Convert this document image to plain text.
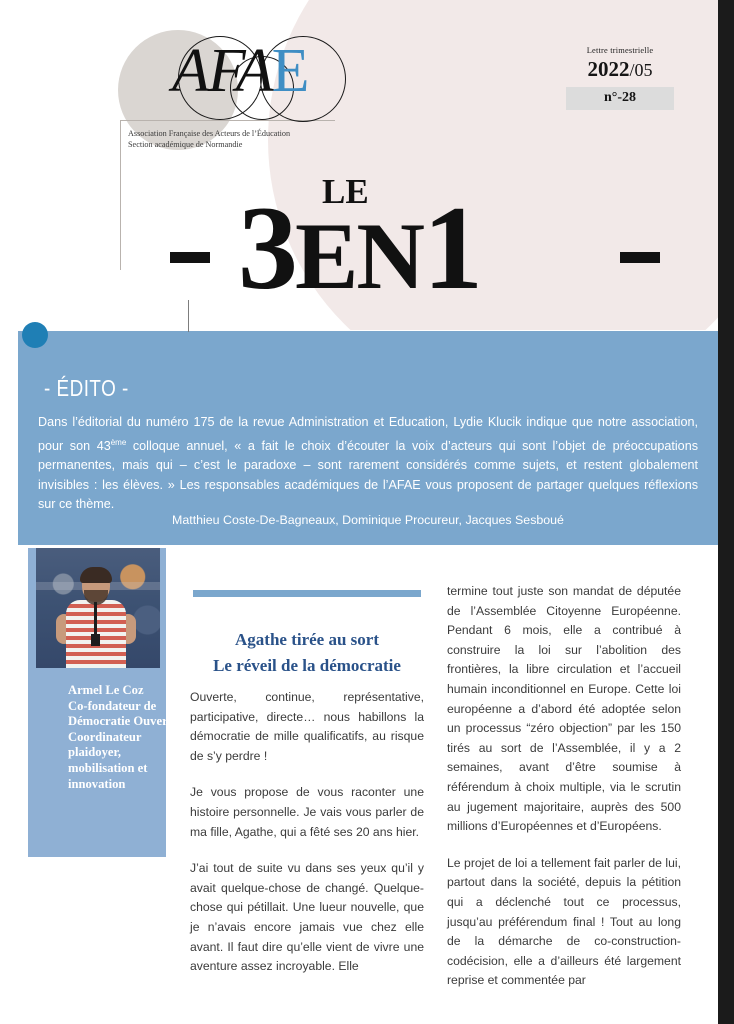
AFAE
Association Française des Acteurs de l’Éducation
Section académique de Normandie
Lettre trimestrielle
2022/05
n°-28
LE
3EN1
- ÉDITO -
Dans l’éditorial du numéro 175 de la revue Administration et Education, Lydie Klucik indique que notre association, pour son 43ème colloque annuel, « a fait le choix d’écouter la voix d’acteurs qui sont l’objet de préoccupations permanentes, mais qui – c’est le paradoxe – sont rarement considérés comme sujets, et restent globalement invisibles : les élèves. » Les responsables académiques de l’AFAE vous proposent de partager quelques réflexions sur ce thème.
Matthieu Coste-De-Bagneaux, Dominique Procureur, Jacques Sesboué
Armel Le Coz
Co-fondateur de Démocratie Ouverte Coordinateur plaidoyer, mobilisation et innovation
Agathe tirée au sort
Le réveil de la démocratie

Ouverte, continue, représentative, participative, directe… nous habillons la démocratie de mille qualificatifs, au risque de s’y perdre !

Je vous propose de vous raconter une histoire personnelle. Je vais vous parler de ma fille, Agathe, qui a fêté ses 20 ans hier.

J’ai tout de suite vu dans ses yeux qu’il y avait quelque-chose de changé. Quelque-chose qui pétillait. Une lueur nouvelle, que je n’avais encore jamais vue chez elle avant. Il faut dire qu’elle vient de vivre une aventure assez incroyable. Elle

termine tout juste son mandat de députée de l’Assemblée Citoyenne Européenne. Pendant 6 mois, elle a contribué à construire la loi sur l’abolition des frontières, la libre circulation et l’accueil humain inconditionnel en Europe. Cette loi européenne a d’abord été adoptée selon un processus “zéro objection” par les 150 tirés au sort de l’Assemblée, il y a 2 semaines, avant d’être soumise à référendum à choix multiple, via le scrutin au jugement majoritaire, auprès des 500 millions d’Européennes et d’Européens.

Le projet de loi a tellement fait parler de lui, partout dans la société, depuis la pétition qui a déclenché tout ce processus, jusqu’au préférendum final ! Tout au long de la démarche de co-construction-codécision, elle a d’ailleurs été largement reprise et commentée par
